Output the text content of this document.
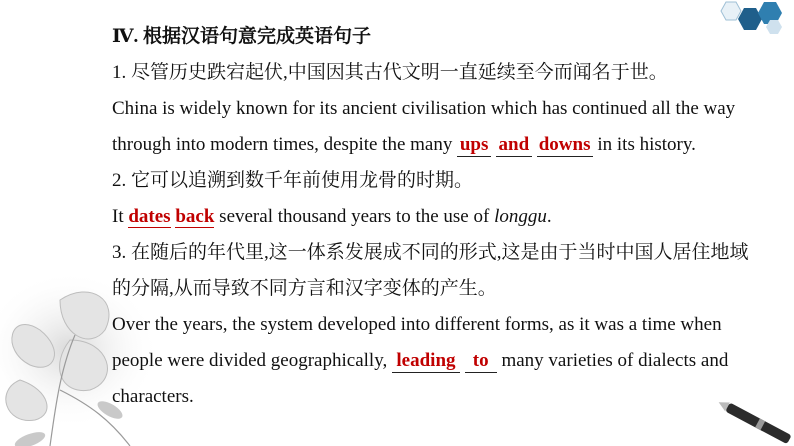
Ⅳ. 根据汉语句意完成英语句子
1. 尽管历史跌宕起伏,中国因其古代文明一直延续至今而闻名于世。
China is widely known for its ancient civilisation which has continued all the way
through into modern times, despite the many ups and downs in its history.
2. 它可以追溯到数千年前使用龙骨的时期。
It dates back several thousand years to the use of longgu.
3. 在随后的年代里,这一体系发展成不同的形式,这是由于当时中国人居住地域
的分隔,从而导致不同方言和汉字变体的产生。
Over the years, the system developed into different forms, as it was a time when
people were divided geographically, leading to many varieties of dialects and
characters.
